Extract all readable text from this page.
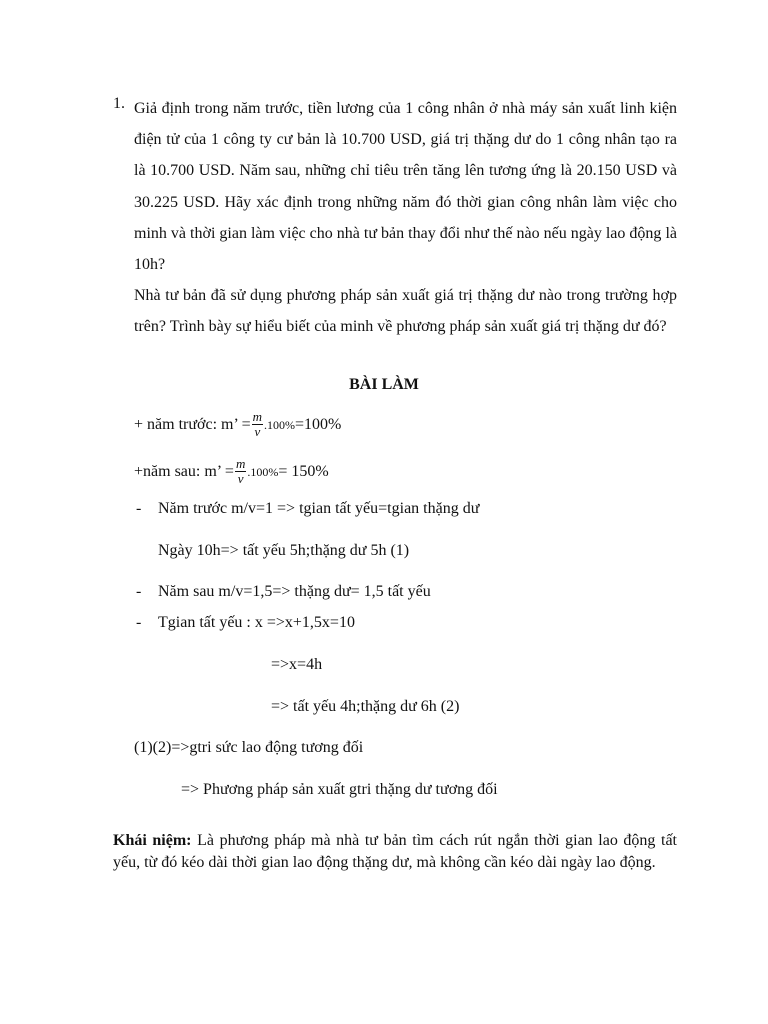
1. Giả định trong năm trước, tiền lương của 1 công nhân ở nhà máy sản xuất linh kiện điện tử của 1 công ty cư bản là 10.700 USD, giá trị thặng dư do 1 công nhân tạo ra là 10.700 USD. Năm sau, những chỉ tiêu trên tăng lên tương ứng là 20.150 USD và 30.225 USD. Hãy xác định trong những năm đó thời gian công nhân làm việc cho minh và thời gian làm việc cho nhà tư bản thay đổi như thế nào nếu ngày lao động là 10h?

Nhà tư bản đã sử dụng phương pháp sản xuất giá trị thặng dư nào trong trường hợp trên? Trình bày sự hiểu biết của minh về phương pháp sản xuất giá trị thặng dư đó?

BÀI LÀM
+ năm trước: m’ = $\frac{m}{v} .100\% =100\%$
+năm sau: m’ = $\frac{m}{v} .100\% = 150\%$
- Năm trước m/v=1 => tgian tất yếu=tgian thặng dư
Ngày 10h=> tất yếu 5h;thặng dư 5h (1)
- Năm sau m/v=1,5=> thặng dư= 1,5 tất yếu
- Tgian tất yếu : x =>x+1,5x=10
=>x=4h
=> tất yếu 4h;thặng dư 6h (2)
(1)(2)=>gtri sức lao động tương đối
=> Phương pháp sản xuất gtri thặng dư tương đối
Khái niệm: Là phương pháp mà nhà tư bản tìm cách rút ngắn thời gian lao động tất yếu, từ đó kéo dài thời gian lao động thặng dư, mà không cần kéo dài ngày lao động.
